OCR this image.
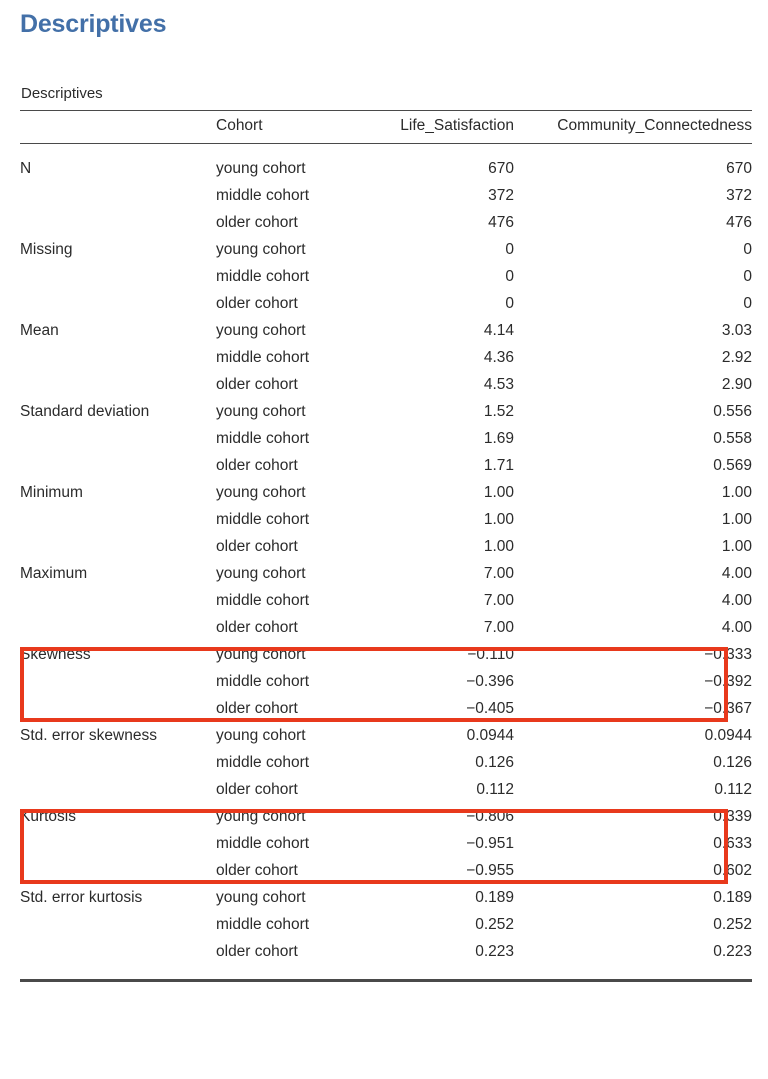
Descriptives
Descriptives
	Cohort	Life_Satisfaction	Community_Connectedness
N	young cohort	670	670
	middle cohort	372	372
	older cohort	476	476
Missing	young cohort	0	0
	middle cohort	0	0
	older cohort	0	0
Mean	young cohort	4.14	3.03
	middle cohort	4.36	2.92
	older cohort	4.53	2.90
Standard deviation	young cohort	1.52	0.556
	middle cohort	1.69	0.558
	older cohort	1.71	0.569
Minimum	young cohort	1.00	1.00
	middle cohort	1.00	1.00
	older cohort	1.00	1.00
Maximum	young cohort	7.00	4.00
	middle cohort	7.00	4.00
	older cohort	7.00	4.00
Skewness	young cohort	−0.110	−0.333
	middle cohort	−0.396	−0.392
	older cohort	−0.405	−0.367
Std. error skewness	young cohort	0.0944	0.0944
	middle cohort	0.126	0.126
	older cohort	0.112	0.112
Kurtosis	young cohort	−0.806	0.339
	middle cohort	−0.951	0.633
	older cohort	−0.955	0.602
Std. error kurtosis	young cohort	0.189	0.189
	middle cohort	0.252	0.252
	older cohort	0.223	0.223
